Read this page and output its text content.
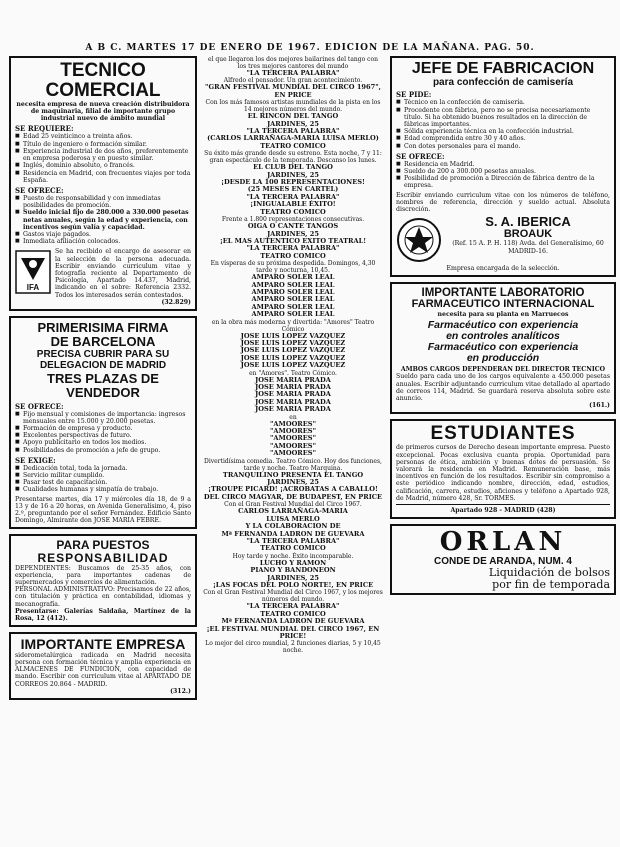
A B C. MARTES 17 DE ENERO DE 1967. EDICION DE LA MAÑANA. PAG. 50.
TECNICO COMERCIAL
necesita empresa de nueva creación distribuidora de maquinaria, filial de importante grupo industrial nuevo de ámbito mundial
SE REQUIERE:
■ Edad 25 veinticinco a treinta años.
■ Título de ingeniero o formación similar.
■ Experiencia industrial de dos años, preferentemente en empresa poderosa y en puesto similar.
■ Inglés, dominio absoluto, o francés.
■ Residencia en Madrid, con frecuentes viajes por toda España.
SE OFRECE:
■ Puesto de responsabilidad y con inmediatas posibilidades de promoción.
■ Sueldo inicial fijo de 280.000 a 330.000 pesetas netas anuales, según la edad y experiencia, con incentivos según valía y capacidad.
■ Gastos viaje pagados.
■ Inmediata afiliación colocados.
IFA
Se ha recibido el encargo de asesorar en la selección de la persona adecuada. Escribir enviando curriculum vitae y fotografía reciente al Departamento de Psicología, Apartado 14.437, Madrid, indicando en el sobre: Referencia 2332. Todos los interesados serán contestados.
(32.829)
PRIMERISIMA FIRMA
DE BARCELONA
PRECISA CUBRIR PARA SU
DELEGACION DE MADRID
TRES PLAZAS DE VENDEDOR
SE OFRECE:
■ Fijo mensual y comisiones de importancia: ingresos mensuales entre 15.000 y 20.000 pesetas.
■ Formación de empresa y producto.
■ Excelentes perspectivas de futuro.
■ Apoyo publicitario en todos los medios.
■ Posibilidades de promoción a jefe de grupo.
SE EXIGE:
■ Dedicación total, toda la jornada.
■ Servicio militar cumplido.
■ Pasar test de capacitación.
■ Cualidades humanas y simpatía de trabajo.
Presentarse martes, día 17 y miércoles día 18, de 9 a 13 y de 16 a 20 horas, en Avenida Generalísimo, 4, piso 2.º, preguntando por el señor Fernández. Edificio Santo Domingo, Almirante don JOSE MARIA FEBRE.
PARA PUESTOS
RESPONSABILIDAD
DEPENDIENTES: Buscamos de 25-35 años, con experiencia, para importantes cadenas de supermercados y comercios de alimentación.
PERSONAL ADMINISTRATIVO: Precisamos de 22 años, con titulación y práctica en contabilidad, idiomas y mecanografía.
Presentarse: Galerías Saldaña, Martínez de la Rosa, 12 (412).
IMPORTANTE EMPRESA
siderometalúrgica radicada en Madrid necesita persona con formación técnica y amplia experiencia en ALMACENES DE FUNDICION, con capacidad de mando. Escribir con curriculum vitae al APARTADO DE CORREOS 20.864 - MADRID.
(312.)
el que llegaron los dos mejores bailarines del tango con los tres mejores cantores del mundo
"LA TERCERA PALABRA"
Alfredo el pensador. Un gran acontecimiento.
"GRAN FESTIVAL MUNDIAL DEL CIRCO 1967", EN PRICE
Con los más famosos artistas mundiales de la pista en los 14 mejores números del mundo.
EL RINCON DEL TANGO
JARDINES, 25
"LA TERCERA PALABRA"
(CARLOS LARRAÑAGA-MARIA LUISA MERLO)
TEATRO COMICO
Su éxito más grande desde su estreno. Esta noche, 7 y 11: gran espectáculo de la temporada. Descanso los lunes.
EL CLUB DEL TANGO
JARDINES, 25
¡DESDE LA 100 REPRESENTACIONES!
(25 MESES EN CARTEL)
"LA TERCERA PALABRA"
¡INIGUALABLE ÉXITO!
TEATRO COMICO
Frente a 1.800 representaciones consecutivas.
OIGA O CANTE TANGOS
JARDINES, 25
¡EL MAS AUTENTICO EXITO TEATRAL!
"LA TERCERA PALABRA"
TEATRO COMICO
En vísperas de su próxima despedida. Domingos, 4,30 tarde y nocturna, 10,45.
AMPARO SOLER LEAL
AMPARO SOLER LEAL
AMPARO SOLER LEAL
AMPARO SOLER LEAL
AMPARO SOLER LEAL
AMPARO SOLER LEAL
en la obra más moderna y divertida: "Amores" Teatro Cómico
JOSE LUIS LOPEZ VAZQUEZ
JOSE LUIS LOPEZ VAZQUEZ
JOSE LUIS LOPEZ VAZQUEZ
JOSE LUIS LOPEZ VAZQUEZ
JOSE LUIS LOPEZ VAZQUEZ
en "Amores". Teatro Cómico.
JOSE MARIA PRADA
JOSE MARIA PRADA
JOSE MARIA PRADA
JOSE MARIA PRADA
JOSE MARIA PRADA
en
"AMOORES"
"AMOORES"
"AMOORES"
"AMOORES"
"AMOORES"
Divertidísima comedia. Teatro Cómico. Hoy dos funciones, tarde y noche. Teatro Marquina.
TRANQUILINO PRESENTA EL TANGO
JARDINES, 25
¡TROUPE PICARD! ¡ACROBATAS A CABALLO! DEL CIRCO MAGYAR, DE BUDAPEST, EN PRICE
Con el Gran Festival Mundial del Circo 1967.
CARLOS LARRAÑAGA-MARIA
LUISA MERLO
Y LA COLABORACION DE
Mª FERNANDA LADRON DE GUEVARA
"LA TERCERA PALABRA"
TEATRO COMICO
Hoy tarde y noche. Éxito incomparable.
LUCHO Y RAMON
PIANO Y BANDONEON
JARDINES, 25
¡LAS FOCAS DEL POLO NORTE!, EN PRICE
Con el Gran Festival Mundial del Circo 1967, y los mejores números del mundo.
"LA TERCERA PALABRA"
TEATRO COMICO
Mª FERNANDA LADRON DE GUEVARA
¡EL FESTIVAL MUNDIAL DEL CIRCO 1967, EN PRICE!
Lo mejor del circo mundial, 2 funciones diarias, 5 y 10,45 noche.
JEFE DE FABRICACION
para confección de camisería
SE PIDE:
■ Técnico en la confección de camisería.
■ Procedente con fábrica, pero no se precisa necesariamente título. Si ha obtenido buenos resultados en la dirección de fábricas importantes.
■ Sólida experiencia técnica en la confección industrial.
■ Edad comprendida entre 30 y 40 años.
■ Con dotes personales para el mando.
SE OFRECE:
■ Residencia en Madrid.
■ Sueldo de 200 a 300.000 pesetas anuales.
■ Posibilidad de promoción a Dirección de fábrica dentro de la empresa.
Escribir enviando curriculum vitae con los números de teléfono, nombres de referencia, dirección y sueldo actual. Absoluta discreción.
S. A. IBERICA
BROAUK
(Ref. 15 A. P. H. 118) Avda. del Generalísimo, 60 MADRID-16.
Empresa encargada de la selección.
IMPORTANTE LABORATORIO
FARMACEUTICO INTERNACIONAL
necesita para su planta en Marruecos
Farmacéutico con experiencia
en controles analíticos
Farmacéutico con experiencia
en producción
AMBOS CARGOS DEPENDERAN DEL DIRECTOR TECNICO
Sueldo para cada uno de los cargos equivalente a 450.000 pesetas anuales. Escribir adjuntando curriculum vitae detallado al apartado de correos 114, Madrid. Se guardará reserva absoluta sobre este anuncio.
(161.)
ESTUDIANTES
de primeros cursos de Derecho desean importante empresa. Puesto excepcional. Pocas exclusiva cuanta propia. Oportunidad para personas de ética, ambición y buenas dotes de persuasión. Se valorará la residencia en Madrid. Remuneración base, más incentivos en función de los resultados. Escribir sin compromiso a este periódico indicando nombre, dirección, edad, estudios, calificación, carrera, estudios, aficiones y teléfono a Apartado 928, de Madrid, número 428, Sr. TORMES.
Apartado 928 - MADRID (428)
ORLAN
CONDE DE ARANDA, NUM. 4
Liquidación de bolsos
por fin de temporada
